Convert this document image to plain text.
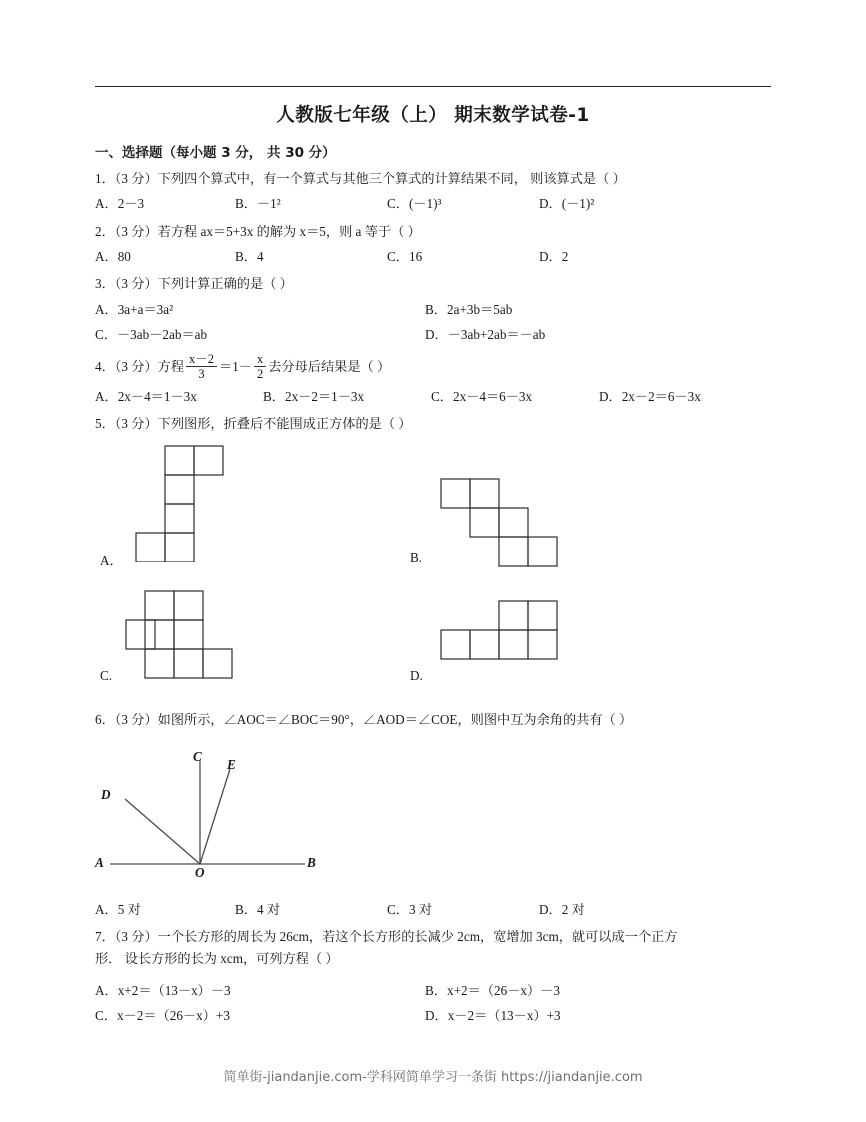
人教版七年级（上） 期末数学试卷-1
一、选择题（每小题 3 分， 共 30 分）
1．（3 分）下列四个算式中，有一个算式与其他三个算式的计算结果不同， 则该算式是（ ）
A．2－3	B．－1²	C．(－1)³	D．(－1)²
2．（3 分）若方程 ax＝5+3x 的解为 x＝5，则 a 等于（ ）
A．80	B．4	C．16	D．2
3．（3 分）下列计算正确的是（ ）
A．3a+a＝3a²	B．2a+3b＝5ab
C．－3ab－2ab＝ab	D．－3ab+2ab＝－ab
4．（3 分）方程 $\frac{x-2}{3} =1- \frac{x}{2}$ 去分母后结果是（ ）
A．2x－4＝1－3x	B．2x－2＝1－3x	C．2x－4＝6－3x	D．2x－2＝6－3x
5．（3 分）下列图形，折叠后不能围成正方体的是（ ）
A．	B.
C.	D.
6．（3 分）如图所示，∠AOC＝∠BOC＝90°，∠AOD＝∠COE，则图中互为余角的共有（ ）
C
E
D
A
O
B
A．5 对	B．4 对	C．3 对	D．2 对
7．（3 分）一个长方形的周长为 26cm，若这个长方形的长减少 2cm，宽增加 3cm，就可以成一个正方
形． 设长方形的长为 xcm，可列方程（ ）
A．x+2＝（13－x）－3	B．x+2＝（26－x）－3
C．x－2＝（26－x）+3	D．x－2＝（13－x）+3
简单街-jiandanjie.com-学科网简单学习一条街 https://jiandanjie.com
